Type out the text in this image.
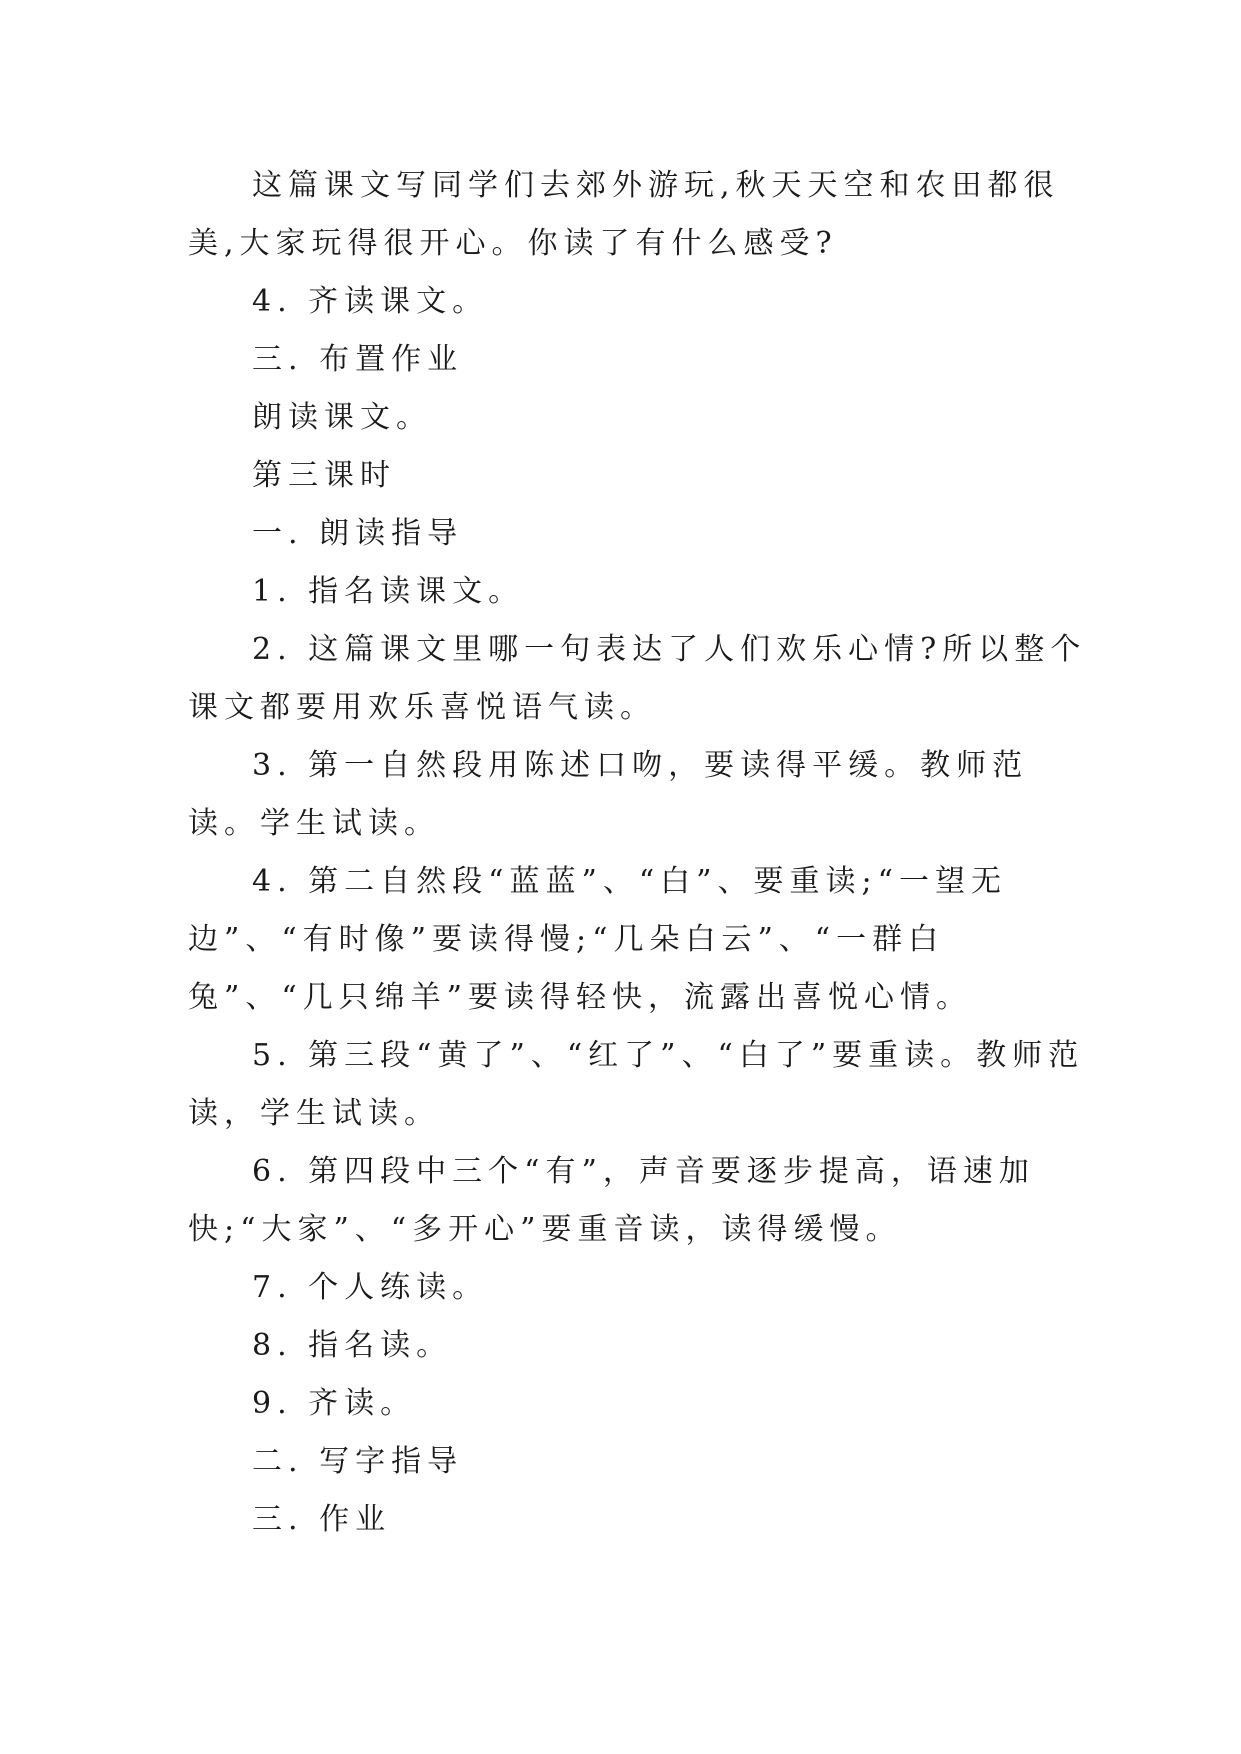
这篇课文写同学们去郊外游玩,秋天天空和农田都很美,大家玩得很开心。你读了有什么感受?

4. 齐读课文。

三. 布置作业

朗读课文。

第三课时

一. 朗读指导

1. 指名读课文。

2. 这篇课文里哪一句表达了人们欢乐心情?所以整个课文都要用欢乐喜悦语气读。

3. 第一自然段用陈述口吻，要读得平缓。教师范读。学生试读。

4. 第二自然段“蓝蓝”、“白”、要重读;“一望无边”、“有时像”要读得慢;“几朵白云”、“一群白兔”、“几只绵羊”要读得轻快，流露出喜悦心情。

5. 第三段“黄了”、“红了”、“白了”要重读。教师范读，学生试读。

6. 第四段中三个“有”，声音要逐步提高，语速加快;“大家”、“多开心”要重音读，读得缓慢。

7. 个人练读。

8. 指名读。

9. 齐读。

二. 写字指导

三. 作业
